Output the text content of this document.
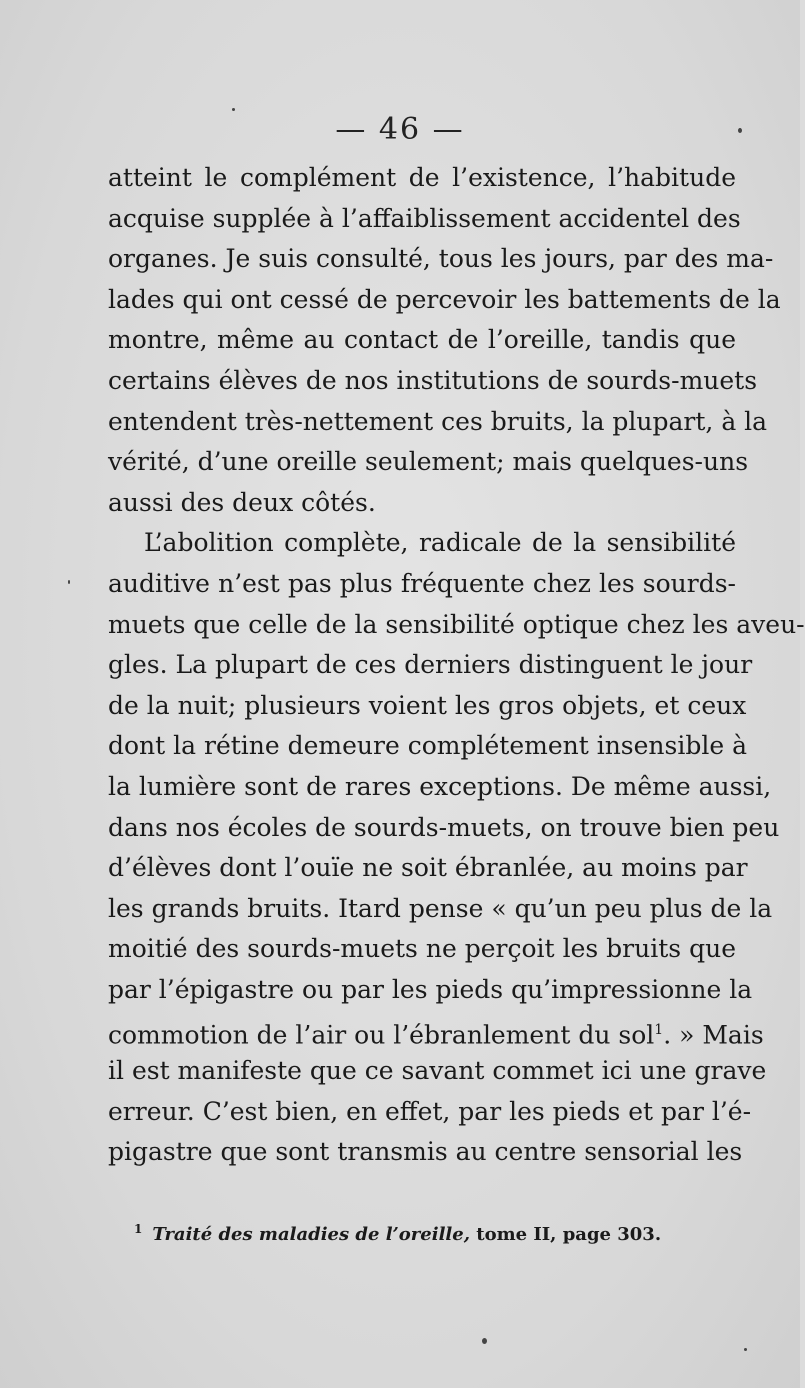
— 46 —
atteint le complément de l’existence, l’habitude
acquise supplée à l’affaiblissement accidentel des
organes. Je suis consulté, tous les jours, par des ma-
lades qui ont cessé de percevoir les battements de la
montre, même au contact de l’oreille, tandis que
certains élèves de nos institutions de sourds-muets
entendent très-nettement ces bruits, la plupart, à la
vérité, d’une oreille seulement; mais quelques-uns
aussi des deux côtés.
L’abolition complète, radicale de la sensibilité
auditive n’est pas plus fréquente chez les sourds-
muets que celle de la sensibilité optique chez les aveu-
gles. La plupart de ces derniers distinguent le jour
de la nuit; plusieurs voient les gros objets, et ceux
dont la rétine demeure complétement insensible à
la lumière sont de rares exceptions. De même aussi,
dans nos écoles de sourds-muets, on trouve bien peu
d’élèves dont l’ouïe ne soit ébranlée, au moins par
les grands bruits. Itard pense « qu’un peu plus de la
moitié des sourds-muets ne perçoit les bruits que
par l’épigastre ou par les pieds qu’impressionne la
commotion de l’air ou l’ébranlement du sol$^1$. » Mais
il est manifeste que ce savant commet ici une grave
erreur. C’est bien, en effet, par les pieds et par l’é-
pigastre que sont transmis au centre sensorial les
$^1$ Traité des maladies de l’oreille, tome II, page 303.
